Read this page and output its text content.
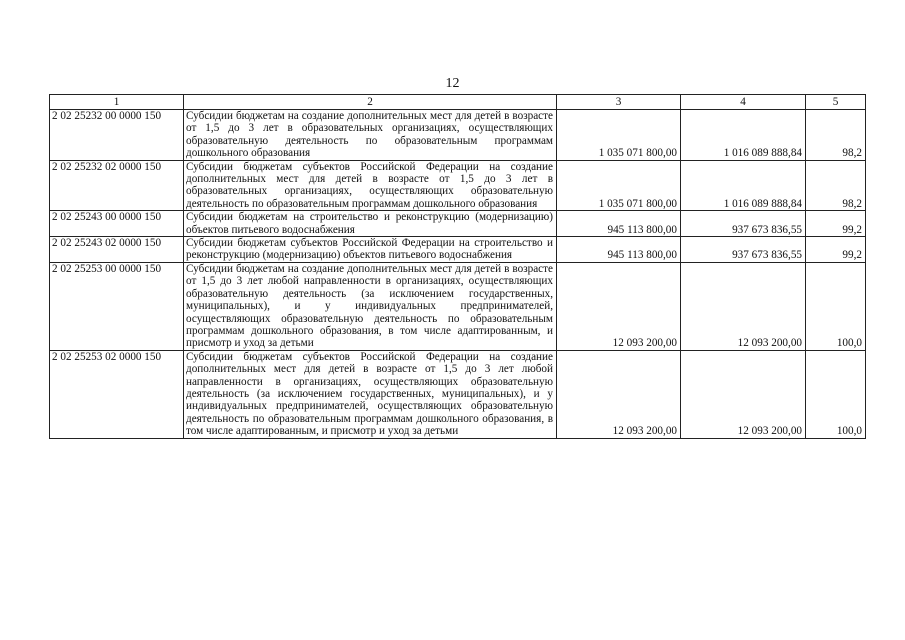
12
1	2	3	4	5
2 02 25232 00 0000 150	Субсидии бюджетам на создание дополнительных мест для детей в возрасте от 1,5 до 3 лет в образовательных организациях, осуществляющих образовательную деятельность по образовательным программам дошкольного образования	1 035 071 800,00	1 016 089 888,84	98,2
2 02 25232 02 0000 150	Субсидии бюджетам субъектов Российской Федерации на создание дополнительных мест для детей в возрасте от 1,5 до 3 лет в образовательных организациях, осуществляющих образовательную деятельность по образовательным программам дошкольного образования	1 035 071 800,00	1 016 089 888,84	98,2
2 02 25243 00 0000 150	Субсидии бюджетам на строительство и реконструкцию (модернизацию) объектов питьевого водоснабжения	945 113 800,00	937 673 836,55	99,2
2 02 25243 02 0000 150	Субсидии бюджетам субъектов Российской Федерации на строительство и реконструкцию (модернизацию) объектов питьевого водоснабжения	945 113 800,00	937 673 836,55	99,2
2 02 25253 00 0000 150	Субсидии бюджетам на создание дополнительных мест для детей в возрасте от 1,5 до 3 лет любой направленности в организациях, осуществляющих образовательную деятельность (за исключением государственных, муниципальных), и у индивидуальных предпринимателей, осуществляющих образовательную деятельность по образовательным программам дошкольного образования, в том числе адаптированным, и присмотр и уход за детьми	12 093 200,00	12 093 200,00	100,0
2 02 25253 02 0000 150	Субсидии бюджетам субъектов Российской Федерации на создание дополнительных мест для детей в возрасте от 1,5 до 3 лет любой направленности в организациях, осуществляющих образовательную деятельность (за исключением государственных, муниципальных), и у индивидуальных предпринимателей, осуществляющих образовательную деятельность по образовательным программам дошкольного образования, в том числе адаптированным, и присмотр и уход за детьми	12 093 200,00	12 093 200,00	100,0
